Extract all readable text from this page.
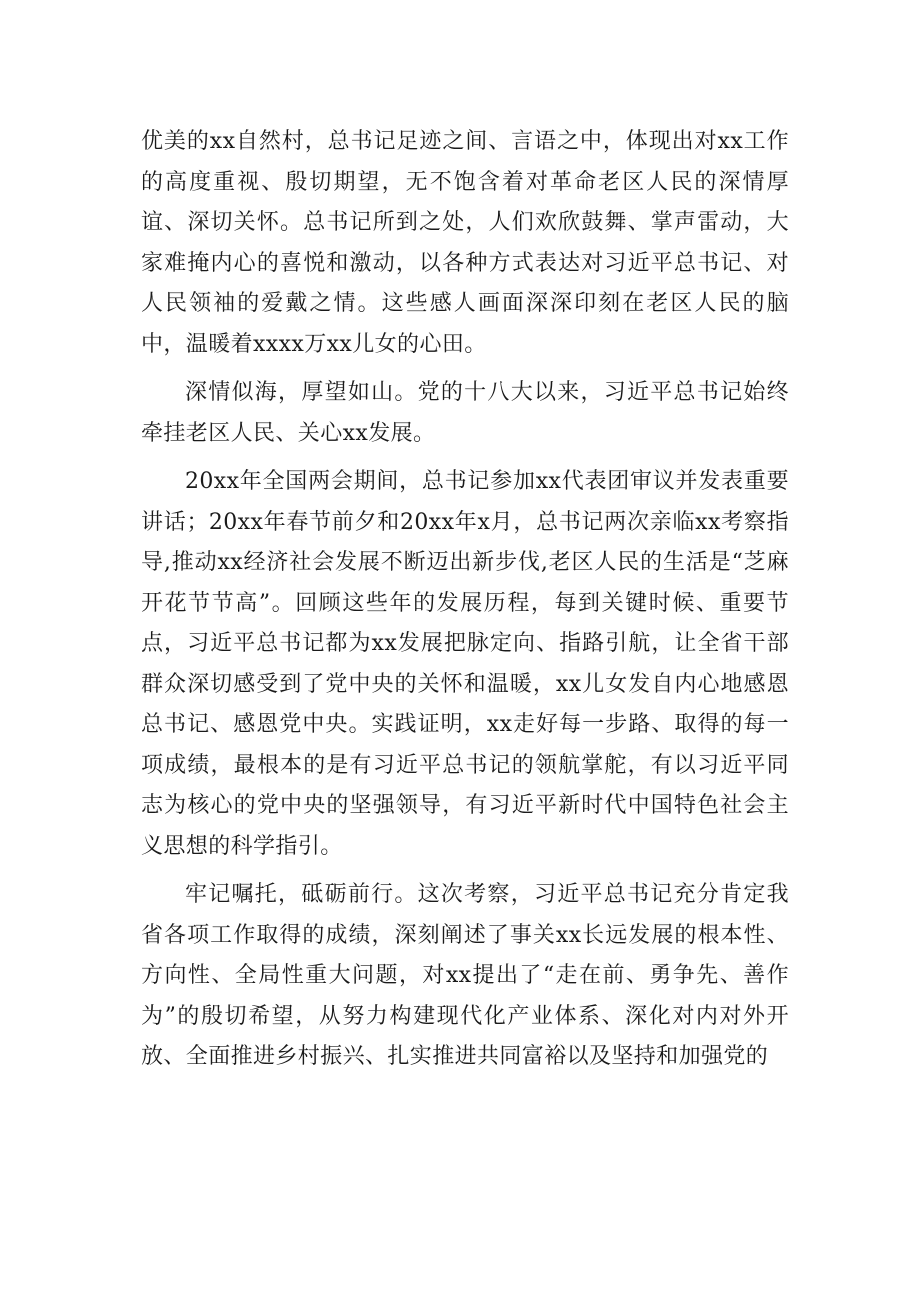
优美的xx自然村，总书记足迹之间、言语之中，体现出对xx工作的高度重视、殷切期望，无不饱含着对革命老区人民的深情厚谊、深切关怀。总书记所到之处，人们欢欣鼓舞、掌声雷动，大家难掩内心的喜悦和激动，以各种方式表达对习近平总书记、对人民领袖的爱戴之情。这些感人画面深深印刻在老区人民的脑中，温暖着xxxx万xx儿女的心田。

深情似海，厚望如山。党的十八大以来，习近平总书记始终牵挂老区人民、关心xx发展。

20xx年全国两会期间，总书记参加xx代表团审议并发表重要讲话；20xx年春节前夕和20xx年x月，总书记两次亲临xx考察指导,推动xx经济社会发展不断迈出新步伐,老区人民的生活是“芝麻开花节节高”。回顾这些年的发展历程，每到关键时候、重要节点，习近平总书记都为xx发展把脉定向、指路引航，让全省干部群众深切感受到了党中央的关怀和温暖，xx儿女发自内心地感恩总书记、感恩党中央。实践证明，xx走好每一步路、取得的每一项成绩，最根本的是有习近平总书记的领航掌舵，有以习近平同志为核心的党中央的坚强领导，有习近平新时代中国特色社会主义思想的科学指引。

牢记嘱托，砥砺前行。这次考察，习近平总书记充分肯定我省各项工作取得的成绩，深刻阐述了事关xx长远发展的根本性、方向性、全局性重大问题，对xx提出了“走在前、勇争先、善作为”的殷切希望，从努力构建现代化产业体系、深化对内对外开放、全面推进乡村振兴、扎实推进共同富裕以及坚持和加强党的
